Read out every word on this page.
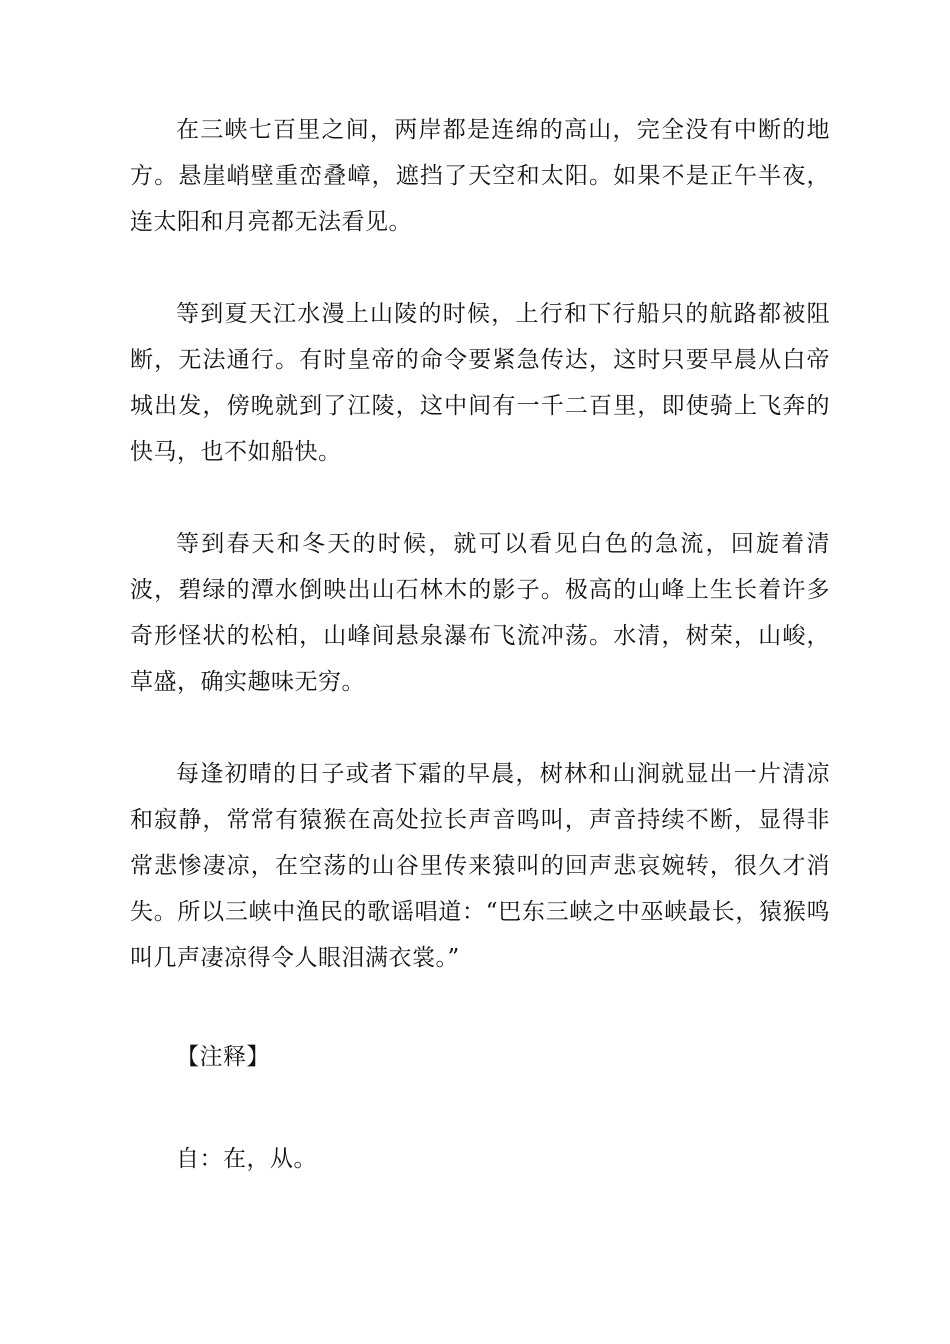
在三峡七百里之间，两岸都是连绵的高山，完全没有中断的地方。悬崖峭壁重峦叠嶂，遮挡了天空和太阳。如果不是正午半夜，连太阳和月亮都无法看见。

等到夏天江水漫上山陵的时候，上行和下行船只的航路都被阻断，无法通行。有时皇帝的命令要紧急传达，这时只要早晨从白帝城出发，傍晚就到了江陵，这中间有一千二百里，即使骑上飞奔的快马，也不如船快。

等到春天和冬天的时候，就可以看见白色的急流，回旋着清波，碧绿的潭水倒映出山石林木的影子。极高的山峰上生长着许多奇形怪状的松柏，山峰间悬泉瀑布飞流冲荡。水清，树荣，山峻，草盛，确实趣味无穷。

每逢初晴的日子或者下霜的早晨，树林和山涧就显出一片清凉和寂静，常常有猿猴在高处拉长声音鸣叫，声音持续不断，显得非常悲惨凄凉，在空荡的山谷里传来猿叫的回声悲哀婉转，很久才消失。所以三峡中渔民的歌谣唱道：“巴东三峡之中巫峡最长，猿猴鸣叫几声凄凉得令人眼泪满衣裳。”

【注释】

自：在，从。
